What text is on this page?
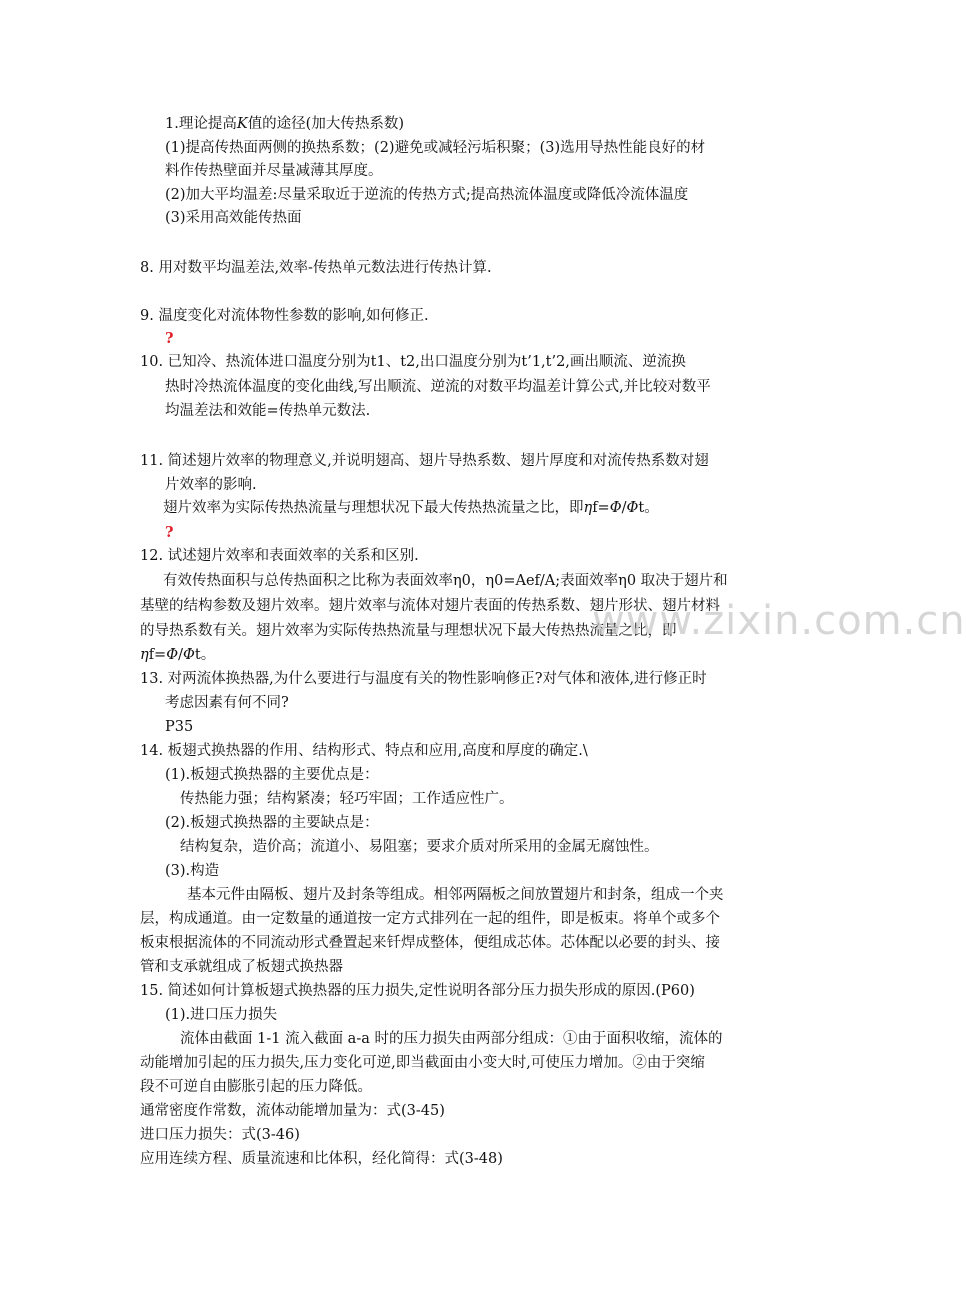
1.理论提高K值的途径(加大传热系数)
(1)提高传热面两侧的换热系数；(2)避免或减轻污垢积聚；(3)选用导热性能良好的材
料作传热壁面并尽量减薄其厚度。
(2)加大平均温差:尽量采取近于逆流的传热方式;提高热流体温度或降低冷流体温度
(3)采用高效能传热面
8. 用对数平均温差法,效率-传热单元数法进行传热计算.
9. 温度变化对流体物性参数的影响,如何修正.
?
10. 已知冷、热流体进口温度分别为t1、t2,出口温度分别为t’1,t’2,画出顺流、逆流换
热时冷热流体温度的变化曲线,写出顺流、逆流的对数平均温差计算公式,并比较对数平
均温差法和效能=传热单元数法.
11. 简述翅片效率的物理意义,并说明翅高、翅片导热系数、翅片厚度和对流传热系数对翅
片效率的影响.
翅片效率为实际传热热流量与理想状况下最大传热热流量之比，即ηf=Φ/Φt。
?
12. 试述翅片效率和表面效率的关系和区别.
有效传热面积与总传热面积之比称为表面效率η0，η0=Aef/A;表面效率η0 取决于翅片和
基壁的结构参数及翅片效率。翅片效率与流体对翅片表面的传热系数、翅片形状、翅片材料
的导热系数有关。翅片效率为实际传热热流量与理想状况下最大传热热流量之比，即
ηf=Φ/Φt。
13. 对两流体换热器,为什么要进行与温度有关的物性影响修正?对气体和液体,进行修正时
考虑因素有何不同?
P35
14. 板翅式换热器的作用、结构形式、特点和应用,高度和厚度的确定.\
(1).板翅式换热器的主要优点是：
传热能力强；结构紧凑；轻巧牢固；工作适应性广。
(2).板翅式换热器的主要缺点是：
结构复杂，造价高；流道小、易阻塞；要求介质对所采用的金属无腐蚀性。
(3).构造
基本元件由隔板、翅片及封条等组成。相邻两隔板之间放置翅片和封条，组成一个夹
层，构成通道。由一定数量的通道按一定方式排列在一起的组件，即是板束。将单个或多个
板束根据流体的不同流动形式叠置起来钎焊成整体，便组成芯体。芯体配以必要的封头、接
管和支承就组成了板翅式换热器
15. 简述如何计算板翅式换热器的压力损失,定性说明各部分压力损失形成的原因.(P60)
(1).进口压力损失
流体由截面 1-1 流入截面 a-a 时的压力损失由两部分组成：①由于面积收缩，流体的
动能增加引起的压力损失,压力变化可逆,即当截面由小变大时,可使压力增加。②由于突缩
段不可逆自由膨胀引起的压力降低。
通常密度作常数，流体动能增加量为：式(3-45)
进口压力损失：式(3-46)
应用连续方程、质量流速和比体积，经化简得：式(3-48)
www.zixin.com.cn
